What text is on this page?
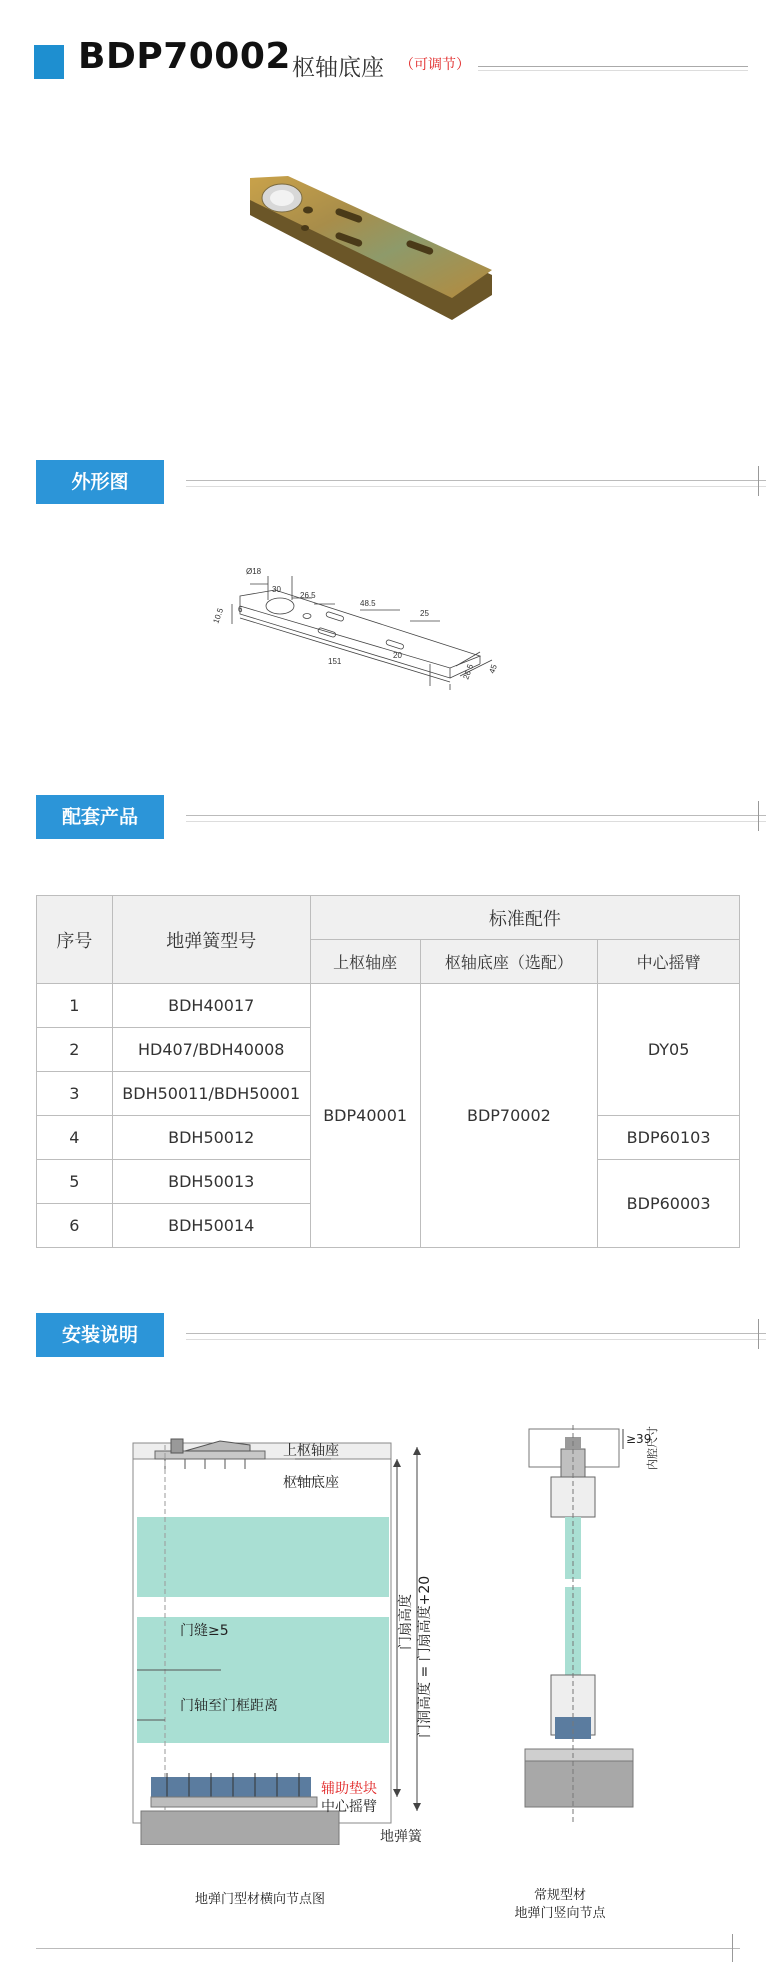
BDP70002 枢轴底座 （可调节）
外形图
Ø18
30
26.5
48.5
25
151
20
10.5 6
26.5 45
配套产品
序号	地弹簧型号	标准配件		
		上枢轴座	枢轴底座（选配）	中心摇臂
1	BDH40017	BDP40001	BDP70002	DY05
2	HD407/BDH40008			
3	BDH50011/BDH50001			
4	BDH50012			BDP60103
5	BDH50013			BDP60003
6	BDH50014			
安装说明
上枢轴座
枢轴底座
门缝≥5
门轴至门框距离
辅助垫块
中心摇臂
地弹簧
门扇高度 门洞高度 = 门扇高度+20
≥39
内腔尺寸
地弹门型材横向节点图	常规型材
地弹门竖向节点
